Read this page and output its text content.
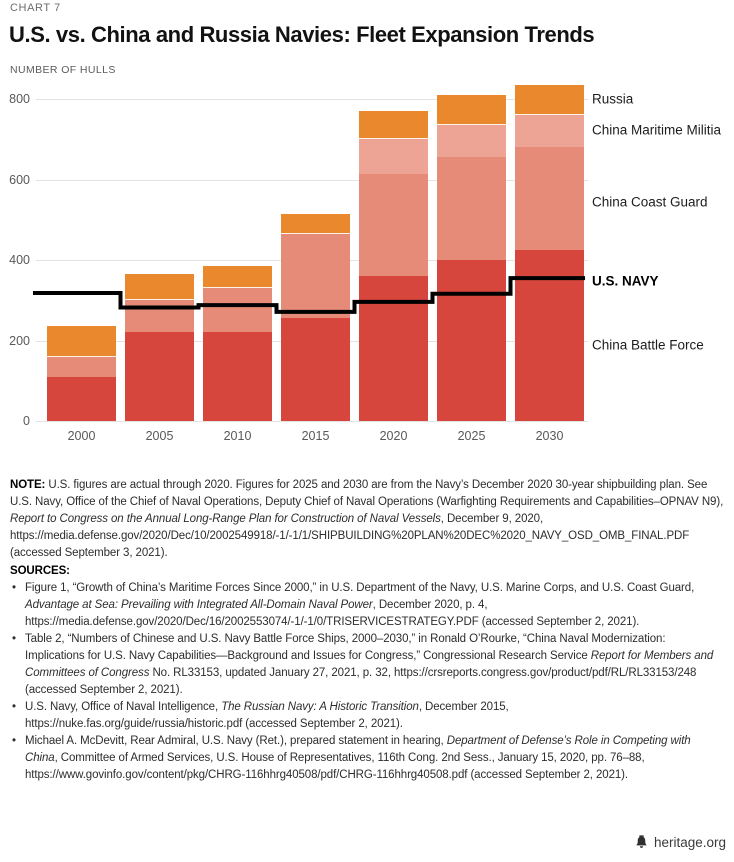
CHART 7
U.S. vs. China and Russia Navies: Fleet Expansion Trends
NUMBER OF HULLS
0
200
400
600
800
2000	2005	2010	2015	2020	2025	2030
Russia
China Maritime Militia
China Coast Guard
U.S. NAVY
China Battle Force
NOTE: U.S. figures are actual through 2020. Figures for 2025 and 2030 are from the Navy’s December 2020 30-year shipbuilding plan. See U.S. Navy, Office of the Chief of Naval Operations, Deputy Chief of Naval Operations (Warfighting Requirements and Capabilities–OPNAV N9), Report to Congress on the Annual Long-Range Plan for Construction of Naval Vessels, December 9, 2020, https://media.defense.gov/2020/Dec/10/2002549918/-1/-1/1/SHIPBUILDING%20PLAN%20DEC%2020_NAVY_OSD_OMB_FINAL.PDF (accessed September 3, 2021).
SOURCES:
• Figure 1, “Growth of China’s Maritime Forces Since 2000,” in U.S. Department of the Navy, U.S. Marine Corps, and U.S. Coast Guard, Advantage at Sea: Prevailing with Integrated All-Domain Naval Power, December 2020, p. 4, https://media.defense.gov/2020/Dec/16/2002553074/-1/-1/0/TRISERVICESTRATEGY.PDF (accessed September 2, 2021).
• Table 2, “Numbers of Chinese and U.S. Navy Battle Force Ships, 2000–2030,” in Ronald O’Rourke, “China Naval Modernization: Implications for U.S. Navy Capabilities—Background and Issues for Congress,” Congressional Research Service Report for Members and Committees of Congress No. RL33153, updated January 27, 2021, p. 32, https://crsreports.congress.gov/product/pdf/RL/RL33153/248 (accessed September 2, 2021).
• U.S. Navy, Office of Naval Intelligence, The Russian Navy: A Historic Transition, December 2015, https://nuke.fas.org/guide/russia/historic.pdf (accessed September 2, 2021).
• Michael A. McDevitt, Rear Admiral, U.S. Navy (Ret.), prepared statement in hearing, Department of Defense’s Role in Competing with China, Committee of Armed Services, U.S. House of Representatives, 116th Cong. 2nd Sess., January 15, 2020, pp. 76–88, https://www.govinfo.gov/content/pkg/CHRG-116hhrg40508/pdf/CHRG-116hhrg40508.pdf (accessed September 2, 2021).
heritage.org
